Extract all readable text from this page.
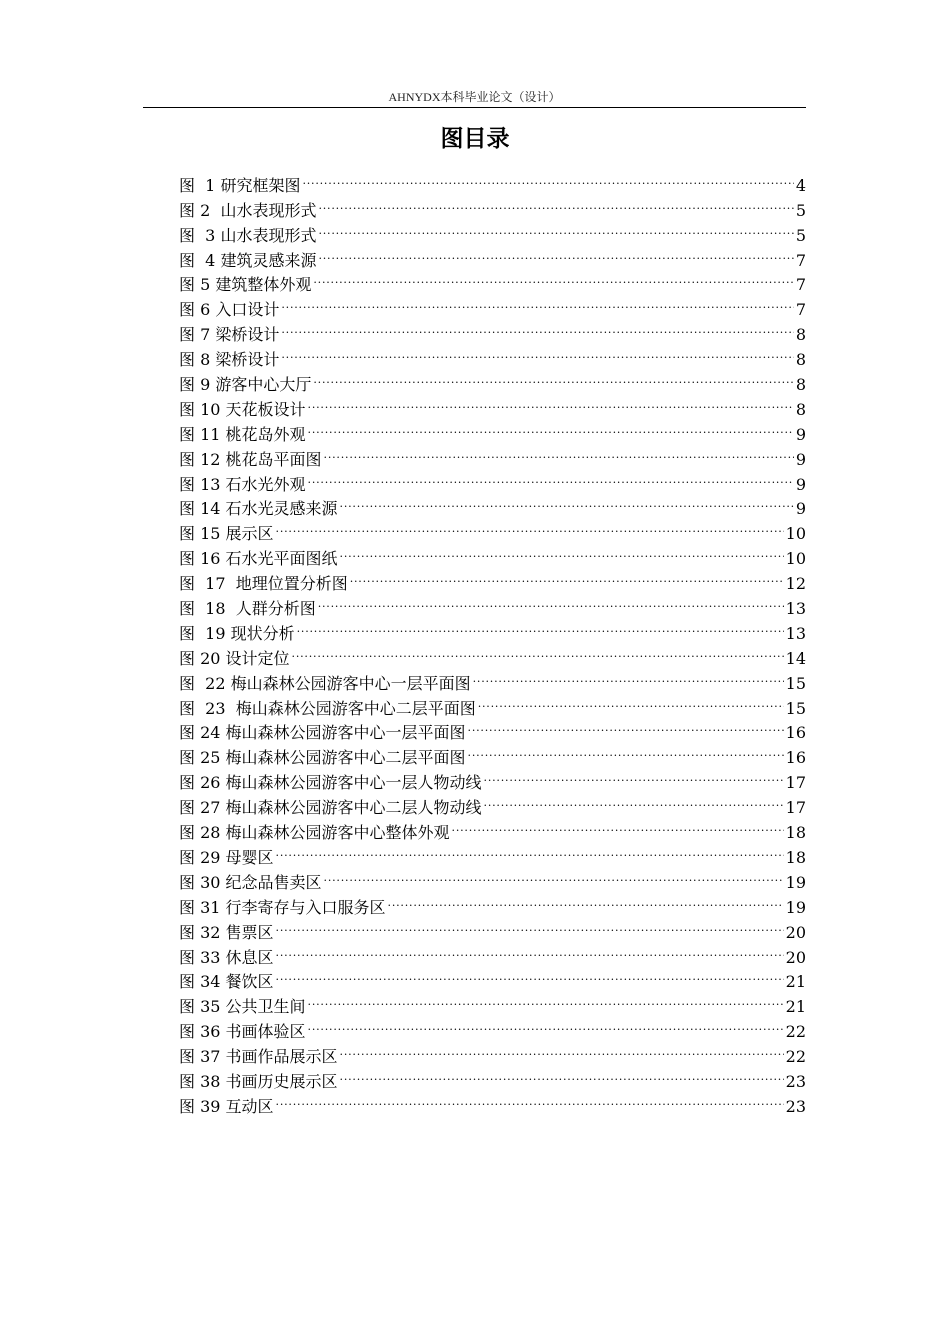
AHNYDX本科毕业论文（设计）
图目录
图  1 研究框架图 .....	4
图 2  山水表现形式 .....	5
图  3 山水表现形式 .....	5
图  4 建筑灵感来源 .....	7
图 5 建筑整体外观 .....	7
图 6 入口设计 .....	7
图 7 梁桥设计 .....	8
图 8 梁桥设计 .....	8
图 9 游客中心大厅 .....	8
图 10 天花板设计 .....	8
图 11 桃花岛外观 .....	9
图 12 桃花岛平面图 .....	9
图 13 石水光外观 .....	9
图 14 石水光灵感来源 .....	9
图 15 展示区 .....	10
图 16 石水光平面图纸 .....	10
图  17  地理位置分析图 .....	12
图  18  人群分析图 .....	13
图  19 现状分析 .....	13
图 20 设计定位 .....	14
图  22 梅山森林公园游客中心一层平面图 .....	15
图  23  梅山森林公园游客中心二层平面图 .....	15
图 24 梅山森林公园游客中心一层平面图 .....	16
图 25 梅山森林公园游客中心二层平面图 .....	16
图 26 梅山森林公园游客中心一层人物动线 .....	17
图 27 梅山森林公园游客中心二层人物动线 .....	17
图 28 梅山森林公园游客中心整体外观 .....	18
图 29 母婴区 .....	18
图 30 纪念品售卖区 .....	19
图 31 行李寄存与入口服务区 .....	19
图 32 售票区 .....	20
图 33 休息区 .....	20
图 34 餐饮区 .....	21
图 35 公共卫生间 .....	21
图 36 书画体验区 .....	22
图 37 书画作品展示区 .....	22
图 38 书画历史展示区 .....	23
图 39 互动区 .....	23
